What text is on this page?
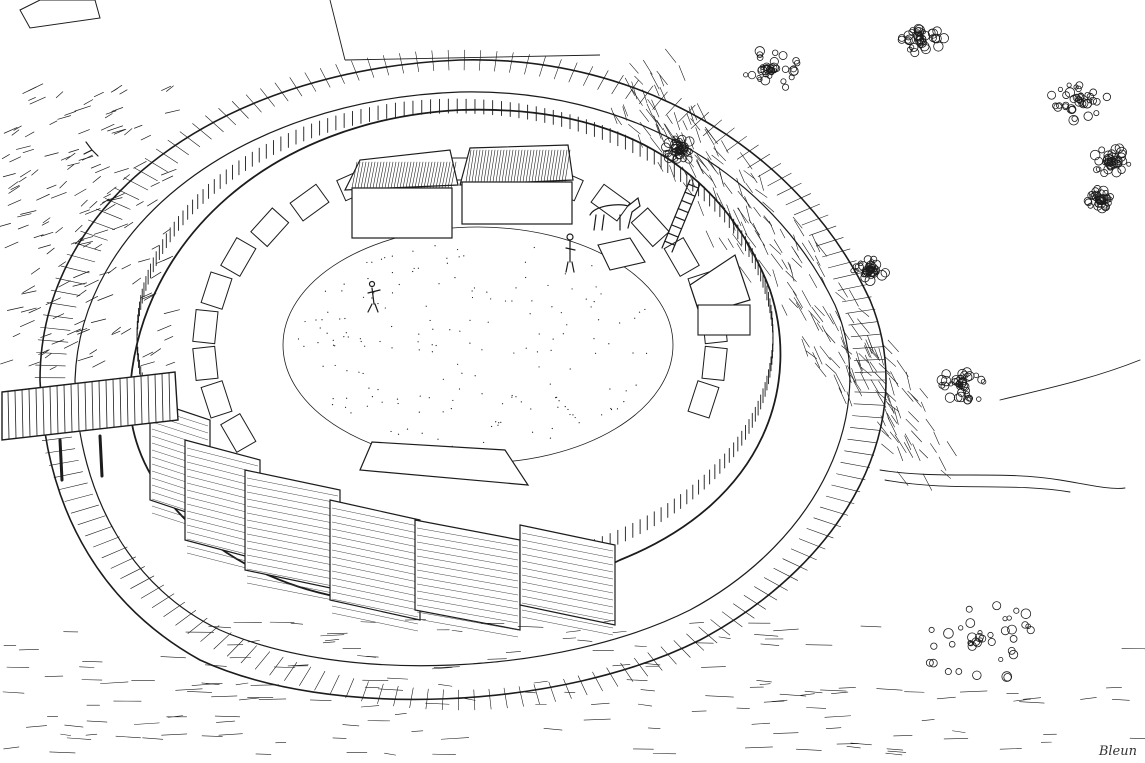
Bleun
